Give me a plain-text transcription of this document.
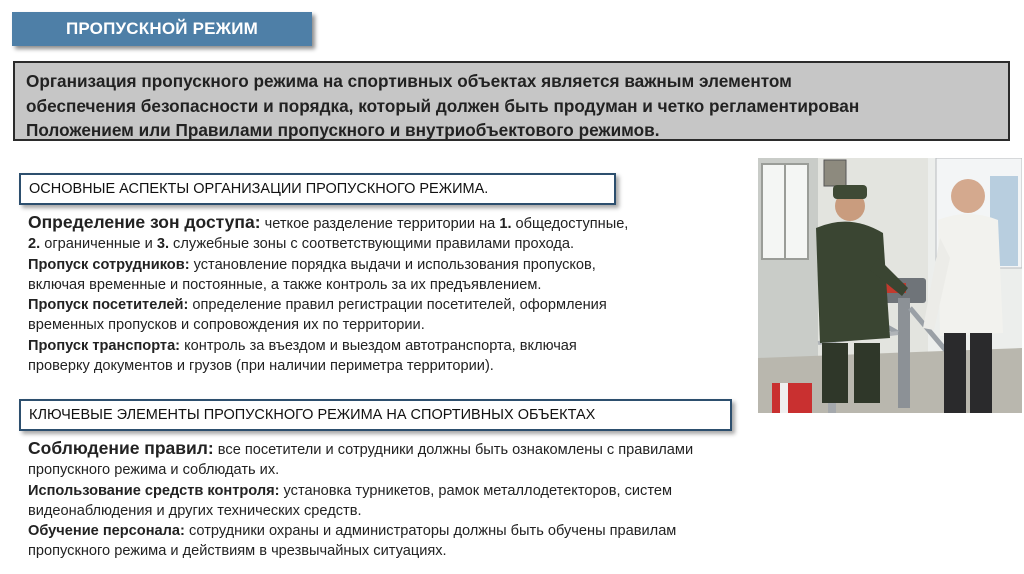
ПРОПУСКНОЙ РЕЖИМ
Организация пропускного режима на спортивных объектах является важным элементом
обеспечения безопасности и порядка, который должен быть продуман и четко регламентирован
Положением или Правилами пропускного и внутриобъектового режимов.
ОСНОВНЫЕ АСПЕКТЫ ОРГАНИЗАЦИИ ПРОПУСКНОГО РЕЖИМА.
Определение зон доступа: четкое разделение территории на 1. общедоступные,
2. ограниченные и 3. служебные зоны с соответствующими правилами прохода.
Пропуск сотрудников: установление порядка выдачи и использования пропусков,
включая временные и постоянные, а также контроль за их предъявлением.
Пропуск посетителей: определение правил регистрации посетителей, оформления
временных пропусков и сопровождения их по территории.
Пропуск транспорта: контроль за въездом и выездом автотранспорта, включая
проверку документов и грузов (при наличии периметра территории).
КЛЮЧЕВЫЕ ЭЛЕМЕНТЫ ПРОПУСКНОГО РЕЖИМА НА СПОРТИВНЫХ ОБЪЕКТАХ
Соблюдение правил: все посетители и сотрудники должны быть ознакомлены с правилами
пропускного режима и соблюдать их.
Использование средств контроля: установка турникетов, рамок металлодетекторов, систем
видеонаблюдения и других технических средств.
Обучение персонала: сотрудники охраны и администраторы должны быть обучены правилам
пропускного режима и действиям в чрезвычайных ситуациях.
